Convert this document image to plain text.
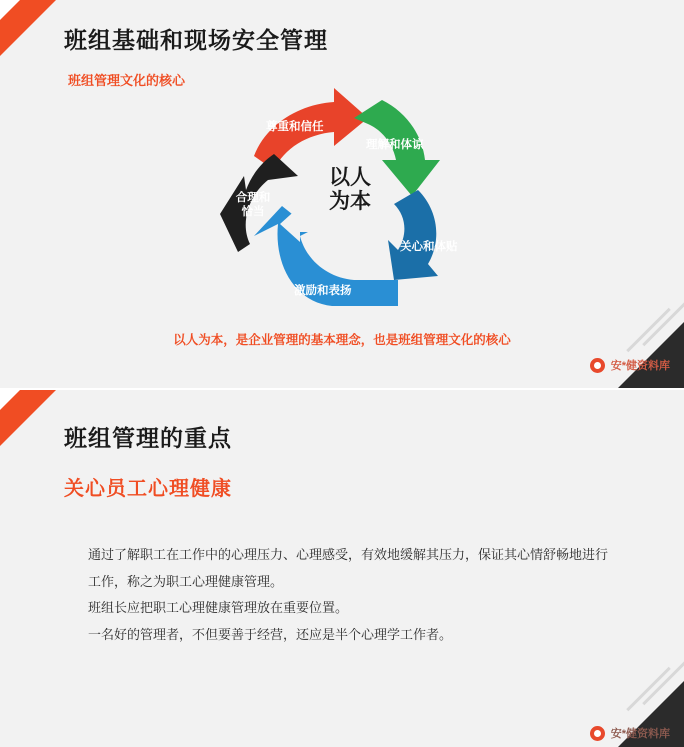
班组基础和现场安全管理
班组管理文化的核心
以人
为本
尊重和信任
理解和体谅
关心和体贴
激励和表扬
合理和
恰当
以人为本，是企业管理的基本理念，也是班组管理文化的核心
安*健资料库
班组管理的重点
关心员工心理健康

通过了解职工在工作中的心理压力、心理感受，有效地缓解其压力，保证其心情舒畅地进行工作，称之为职工心理健康管理。

班组长应把职工心理健康管理放在重要位置。

一名好的管理者，不但要善于经营，还应是半个心理学工作者。

安*健资料库
